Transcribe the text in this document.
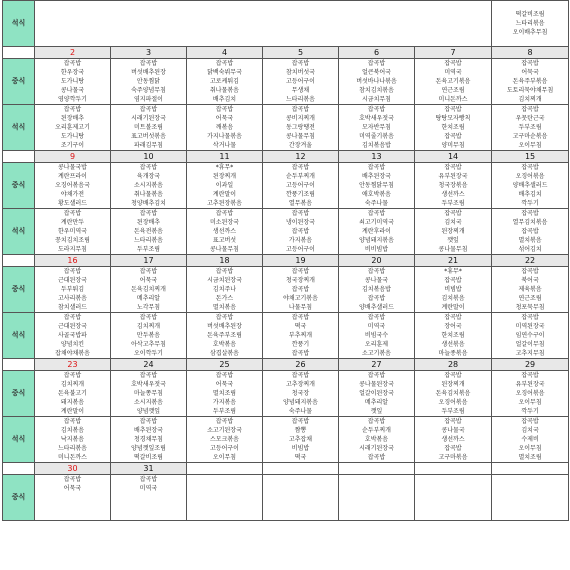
석식							떡갈비조림
느타리볶음
오이배추무침

	2	3	4	5	6	7	8
중식	잡곡밥
한우장국
도가니탕
콩나물국
영양깍두기	잡곡밥
버섯배추된장
안동찜닭
숙주양념무침
염지파절이	잡곡밥
닭백숙뷔무국
고로케튀김
취나물볶음
배추김치	잡곡밥
참치버섯국
고등어구이
무생채
느타리볶음	잡곡밥
얼큰북어국
버섯바나나볶음
참치김치볶음
시금치무침	잡곡밥
미역국
돈육고기볶음
연근조림
미니돈까스	잡곡밥
어묵국
돈육주부볶음
도토리묵야채무침
김치찌개

석식	잡곡밥
된장배추
오리훈제고기
도가니탕
조기구이	잡곡밥
시래기된장국
미트볼조림
표고버섯볶음
파래김무침	잡곡밥
어묵국
깨볶음
가지나물볶음
삭거나물	잡곡밥
콩비지찌개
동그랑땡전
콩나물무침
간장겨울	잡곡밥
호박새우젓국
모자반무침
미역줄기볶음
김치볶음밥	잡곡밥
탕탕모자빵칙
한치조림
잡곡밥
양미무침	잡곡밥
우뭇탄근국
두부조림
고구마순볶음
오이무침

	9	10	11	12	13	14	15
중식	콩나물국밥
계란프라이
오징어볶음국
야채가전
황도샐러드	잡곡밥
육개장국
소시지볶음
취나물볶음
청양배추김치	*휴무*
된장찌개
이과일
계란말이
고추된장볶음	잡곡밥
순두부찌개
고등어구이
깐풍기조림
열무볶음	잡곡밥
배추된장국
안동찜닭무침
애호박볶음
숙주나물	잡곡밥
유부된장국
청국장볶음
생선까스
두부조림	잡곡밥
오징어볶음
양배추샐러드
배추김치
깍두기

석식	잡곡밥
계란만두
한우미역국
꽁치김치조림
도라지무침	잡곡밥
된장배추
돈육전볶음
느타리볶음
두부조림	잡곡밥
미소된장국
생선까스
표고버섯
콩나물무침	잡곡밥
냉이된장국
잡곡밥
가지볶음
고등어구이	잡곡밥
쇠고기미역국
계란후라이
양념돼지볶음
비비빔밥	잡곡밥
김치국
된장찌개
깻잎
콩나물무침	잡곡밥
열무김치볶음
잡곡밥
멸치볶음
섞어김치

	16	17	18	19	20	21	22
중식	잡곡밥
근대된장국
두부튀김
고사리볶음
참치샐러드	잡곡밥
어묵국
돈육김치찌개
메추리알
노각무침	잡곡밥
시금치된장국
김치주나
돈가스
멸치볶음	잡곡밥
청국장찌개
잡곡밥
야채고기볶음
나물무침	잡곡밥
콩나물국
김치볶음밥
잡곡밥
양배추샐러드	*휴무*
잡곡밥
비빔밥
김치볶음
계란말이	잡곡밥
북어국
제육볶음
연근조림
청포묵무침

석식	잡곡밥
근대된장국
사골국밥파
양념치킨
잡채야채볶음	잡곡밥
김치찌개
만두볶음
아삭고추무침
오이깍두기	잡곡밥
버섯배추된장
돈육주부조림
호박볶음
삼겹살볶음	잡곡밥
떡국
부추찌개
깐풍기
잡곡밥	잡곡밥
미역국
비빔국수
오리훈제
소고기볶음	잡곡밥
장어국
한치조림
생선볶음
마늘종볶음	잡곡밥
미역된장국
임연수구이
얼갈이무침
고추지무침

	23	24	25	26	27	28	29
중식	잡곡밥
김치찌개
돈육불고기
돼지볶음
계란말이	잡곡밥
호박새우젓국
마늘쫑무침
소시지볶음
양념깻잎	잡곡밥
어묵국
멸치조림
가지볶음
두부조림	잡곡밥
고추장찌개
청국장
양념돼지볶음
숙주나물	잡곡밥
콩나물된장국
얼갈이된장국
메추리알
깻잎	잡곡밥
된장찌개
돈육김치볶음
오징어볶음
두부조림	잡곡밥
유부된장국
오징어볶음
오이무침
깍두기

석식	잡곡밥
김치볶음
낙지볶음
느타리볶음
미니돈까스	잡곡밥
배추된장국
청경채무침
양념깻잎조림
떡갈비조림	잡곡밥
소고기된장국
스모크볶음
고등어구이
오이무침	잡곡밥
짬뽕
고추잡채
비빔밥
떡국	잡곡밥
순두부찌개
호박볶음
시래기된장국
잡곡밥	잡곡밥
콩나물국
생선까스
잡곡밥
고구마볶음	잡곡밥
김치국
수제비
오이무침
멸치조림

	30	31					
중식	잡곡밥
어묵국	잡곡밥
미역국					
